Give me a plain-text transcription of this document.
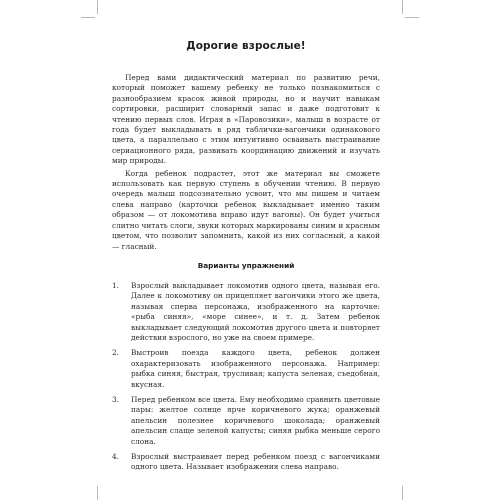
Дорогие взрослые!

Перед вами дидактический материал по развитию речи, который поможет вашему ребенку не только познакомиться с разнообразием красок живой природы, но и научит навыкам сортировки, расширит словарный запас и даже подготовит к чтению первых слов. Играя в «Паровозики», малыш в возрасте от года будет выкладывать в ряд таблички-вагончики одинакового цвета, а параллельно с этим интуитивно осваивать выстраивание сериационного ряда, развивать координацию движений и изучать мир природы.

Когда ребенок подрастет, этот же материал вы сможете использовать как первую ступень в обучении чтению. В первую очередь малыш подсознательно усвоит, что мы пишем и читаем слева направо (карточки ребенок выкладывает именно таким образом — от локомотива вправо идут вагоны). Он будет учиться слитно читать слоги, звуки которых маркированы синим и красным цветом, что позволит запомнить, какой из них согласный, а какой — гласный.

Варианты упражнений
1.	Взрослый выкладывает локомотив одного цвета, называя его. Далее к локомотиву он прицепляет вагончики этого же цвета, называя сперва персонажа, изображенного на карточке: «рыба синяя», «море синее», и т. д. Затем ребенок выкладывает следующий локомотив другого цвета и повторяет действия взрослого, но уже на своем примере.
2.	Выстроив поезда каждого цвета, ребенок должен охарактеризовать изображенного персонажа. Например: рыбка синяя, быстрая, трусливая; капуста зеленая, съедобная, вкусная.
3.	Перед ребенком все цвета. Ему необходимо сравнить цветовые пары: желтое солнце ярче коричневого жука; оранжевый апельсин полезнее коричневого шоколада; оранжевый апельсин слаще зеленой капусты; синяя рыбка меньше серого слона.
4.	Взрослый выстраивает перед ребенком поезд с вагончиками одного цвета. Называет изображения слева направо.
